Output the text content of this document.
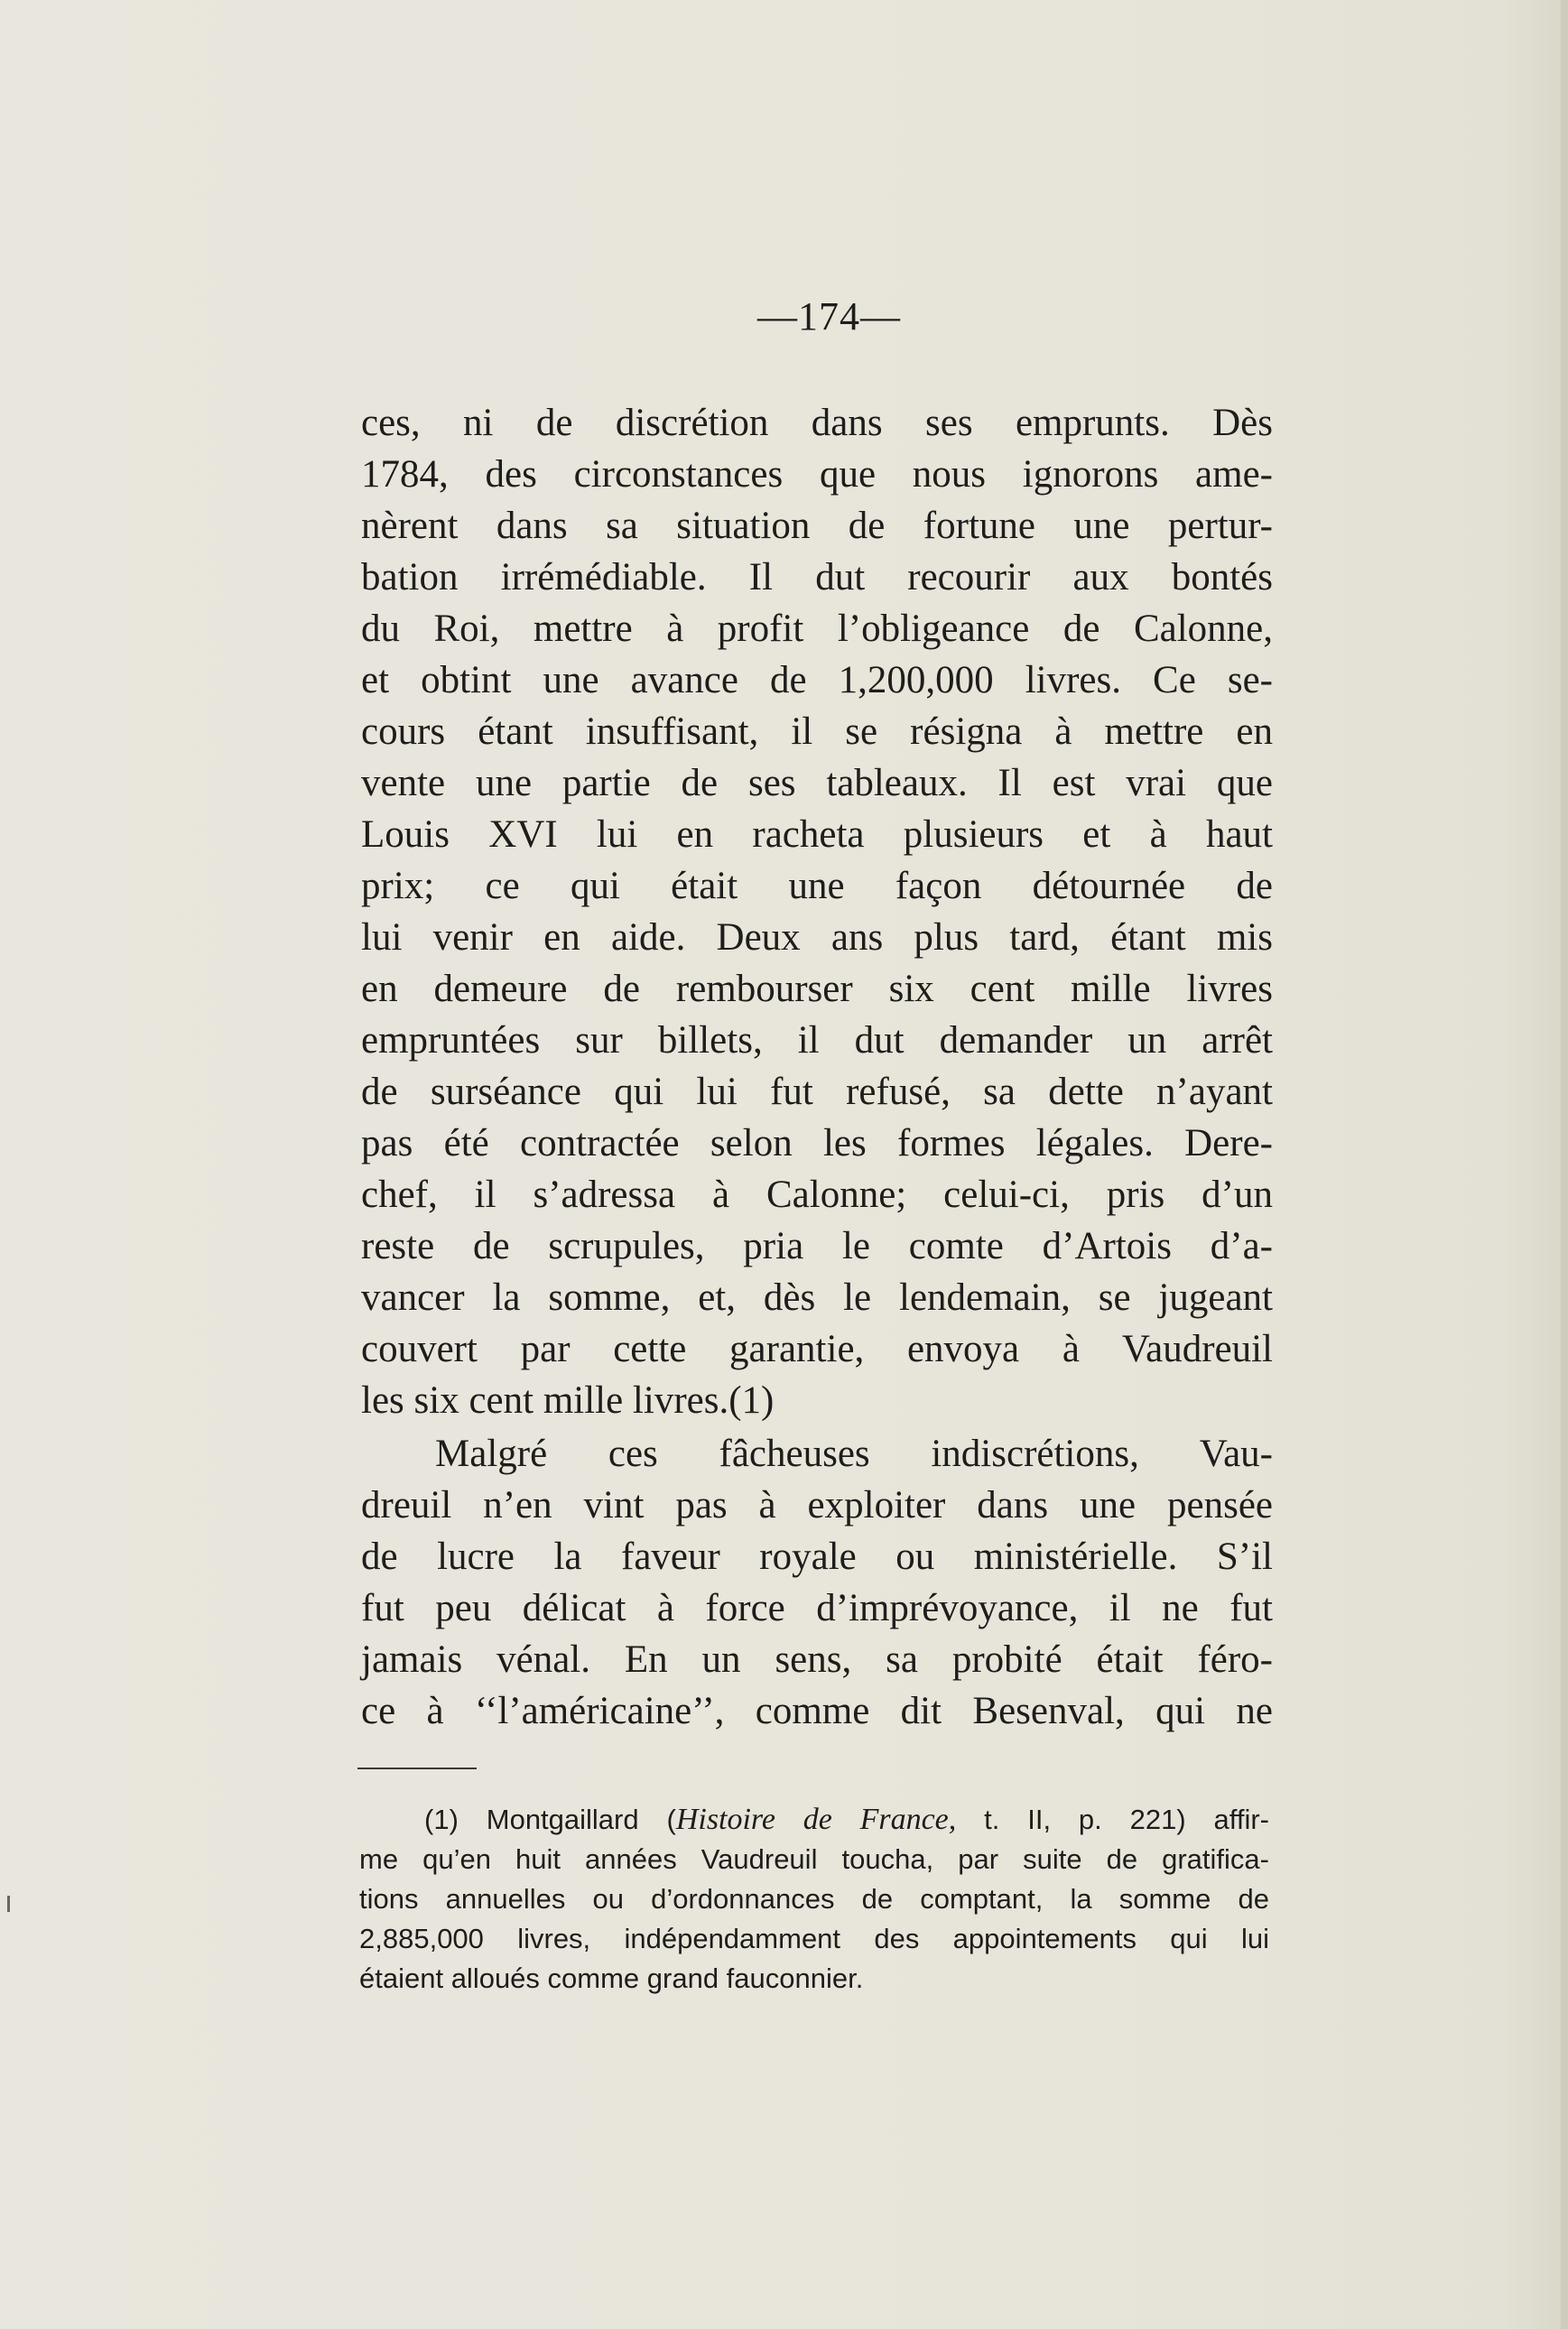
—174—
ces, ni de discrétion dans ses emprunts. Dès
1784, des circonstances que nous ignorons ame-
nèrent dans sa situation de fortune une pertur-
bation irrémédiable. Il dut recourir aux bontés
du Roi, mettre à profit l’obligeance de Calonne,
et obtint une avance de 1,200,000 livres. Ce se-
cours étant insuffisant, il se résigna à mettre en
vente une partie de ses tableaux. Il est vrai que
Louis XVI lui en racheta plusieurs et à haut
prix; ce qui était une façon détournée de
lui venir en aide. Deux ans plus tard, étant mis
en demeure de rembourser six cent mille livres
empruntées sur billets, il dut demander un arrêt
de surséance qui lui fut refusé, sa dette n’ayant
pas été contractée selon les formes légales. Dere-
chef, il s’adressa à Calonne; celui-ci, pris d’un
reste de scrupules, pria le comte d’Artois d’a-
vancer la somme, et, dès le lendemain, se jugeant
couvert par cette garantie, envoya à Vaudreuil
les six cent mille livres.(1)
Malgré ces fâcheuses indiscrétions, Vau-
dreuil n’en vint pas à exploiter dans une pensée
de lucre la faveur royale ou ministérielle. S’il
fut peu délicat à force d’imprévoyance, il ne fut
jamais vénal. En un sens, sa probité était féro-
ce à ‘‘l’américaine’’, comme dit Besenval, qui ne
(1) Montgaillard (Histoire de France, t. II, p. 221) affir-
me qu’en huit années Vaudreuil toucha, par suite de gratifica-
tions annuelles ou d’ordonnances de comptant, la somme de
2,885,000 livres, indépendamment des appointements qui lui
étaient alloués comme grand fauconnier.
